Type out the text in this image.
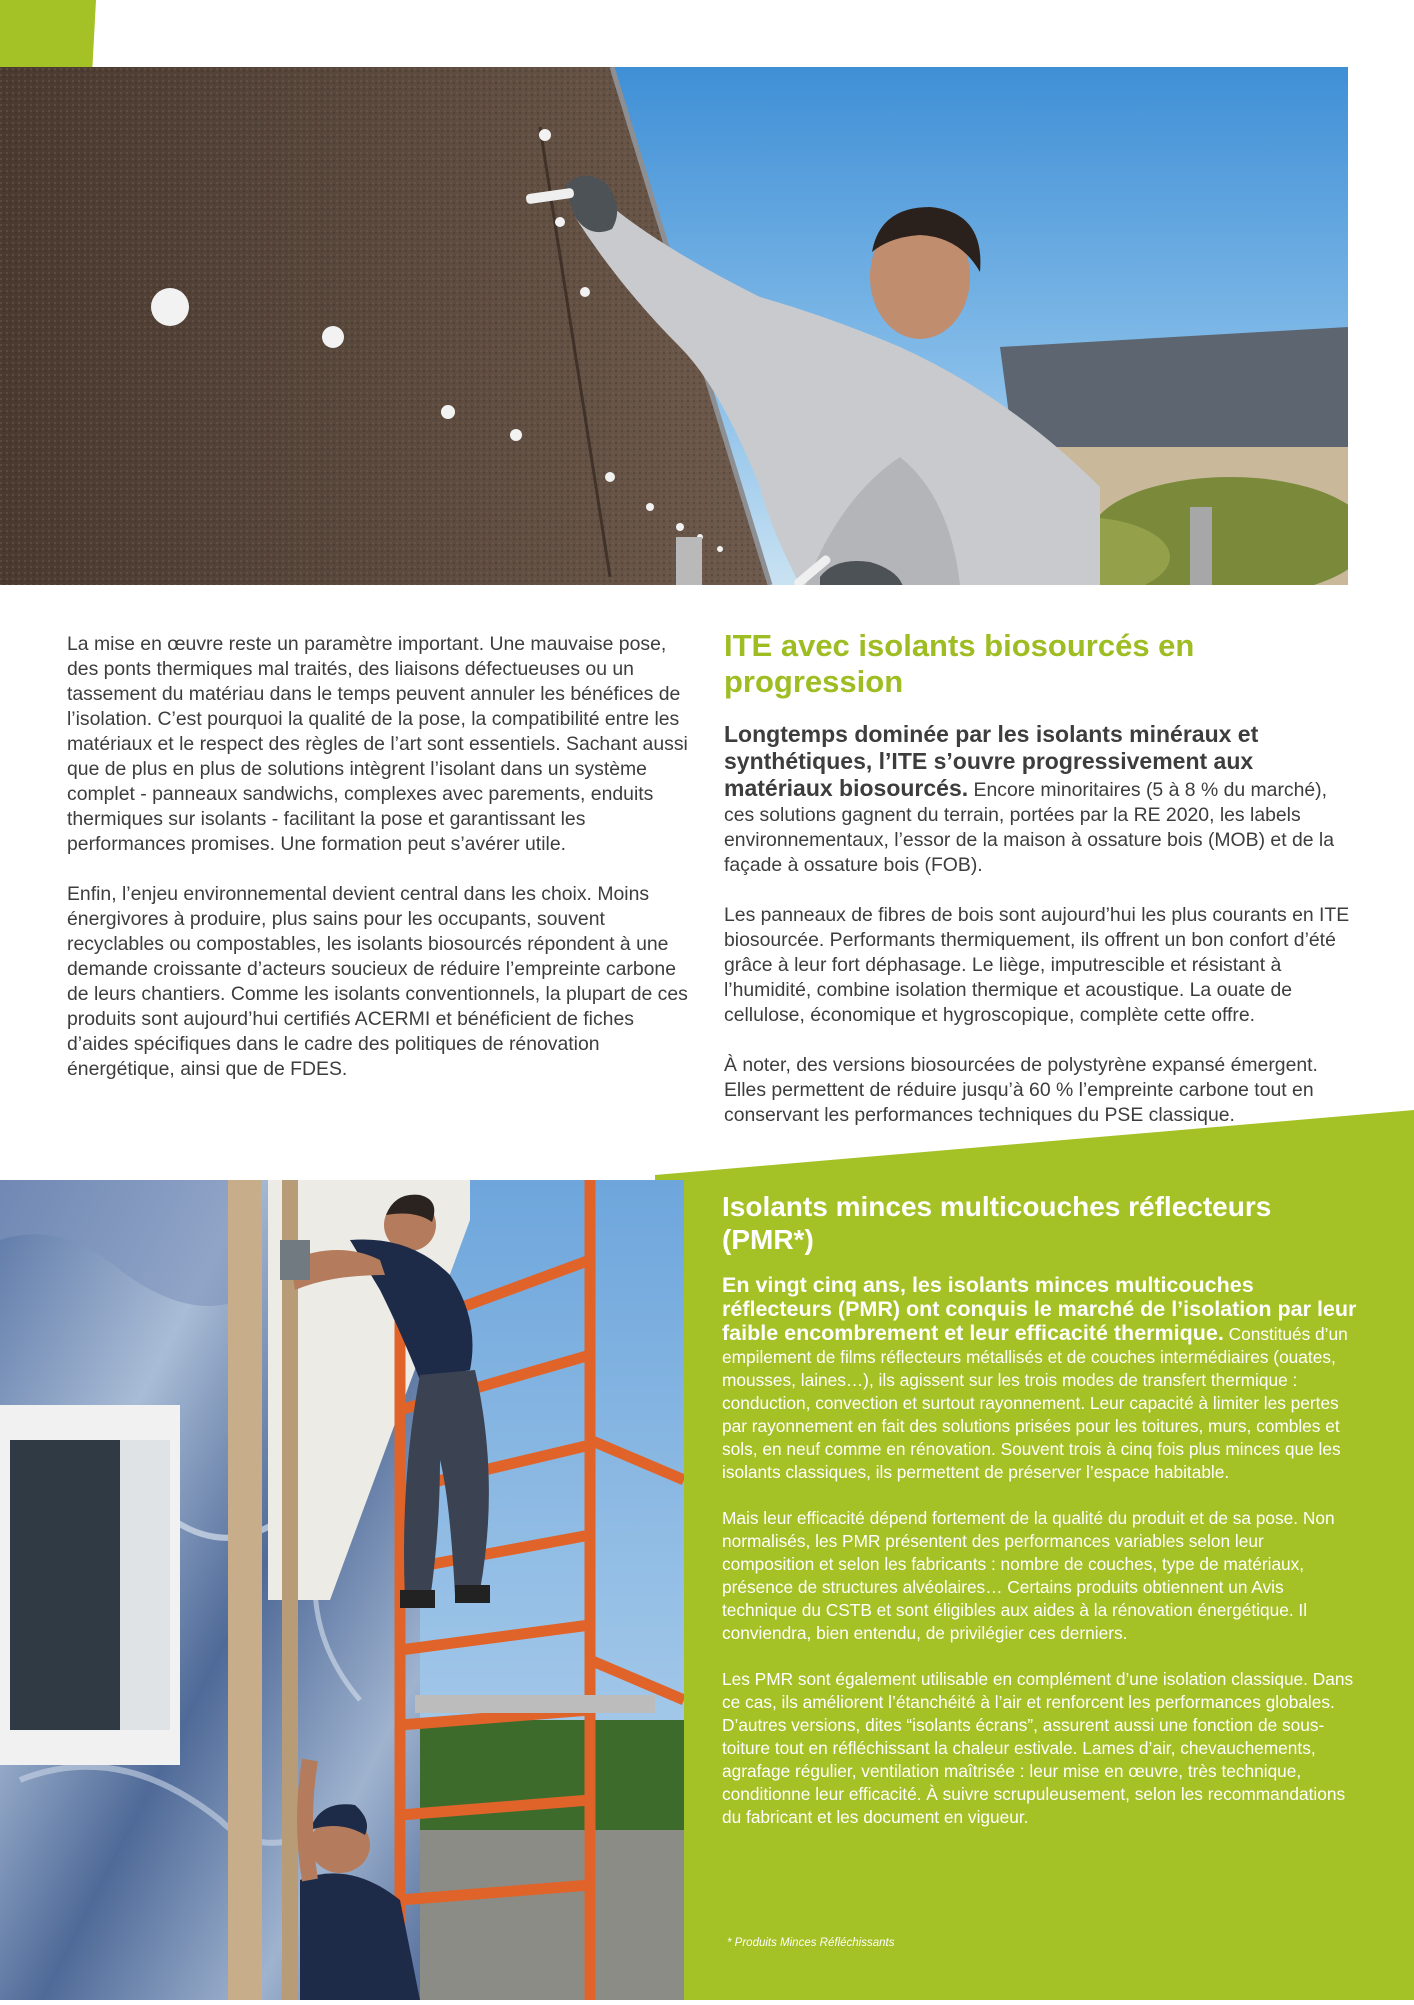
La mise en œuvre reste un paramètre important. Une mauvaise pose, des ponts thermiques mal traités, des liaisons défectueuses ou un tassement du matériau dans le temps peuvent annuler les bénéfices de l’isolation. C’est pourquoi la qualité de la pose, la compatibilité entre les matériaux et le respect des règles de l’art sont essentiels. Sachant aussi que de plus en plus de solutions intègrent l’isolant dans un système complet - panneaux sandwichs, complexes avec parements, enduits thermiques sur isolants - facilitant la pose et garantissant les performances promises. Une formation peut s’avérer utile.

Enfin, l’enjeu environnemental devient central dans les choix. Moins énergivores à produire, plus sains pour les occupants, souvent recyclables ou compostables, les isolants biosourcés répondent à une demande croissante d’acteurs soucieux de réduire l’empreinte carbone de leurs chantiers. Comme les isolants conventionnels, la plupart de ces produits sont aujourd’hui certifiés ACERMI et bénéficient de fiches d’aides spécifiques dans le cadre des politiques de rénovation énergétique, ainsi que de FDES.

ITE avec isolants biosourcés en progression

Longtemps dominée par les isolants minéraux et synthétiques, l’ITE s’ouvre progressivement aux matériaux biosourcés. Encore minoritaires (5 à 8 % du marché), ces solutions gagnent du terrain, portées par la RE 2020, les labels environnementaux, l’essor de la maison à ossature bois (MOB) et de la façade à ossature bois (FOB).

Les panneaux de fibres de bois sont aujourd’hui les plus courants en ITE biosourcée. Performants thermiquement, ils offrent un bon confort d’été grâce à leur fort déphasage. Le liège, imputrescible et résistant à l’humidité, combine isolation thermique et acoustique. La ouate de cellulose, économique et hygroscopique, complète cette offre.

À noter, des versions biosourcées de polystyrène expansé émergent. Elles permettent de réduire jusqu’à 60 % l’empreinte carbone tout en conservant les performances techniques du PSE classique.

Isolants minces multicouches réflecteurs (PMR*)

En vingt cinq ans, les isolants minces multicouches réflecteurs (PMR) ont conquis le marché de l’isolation par leur faible encombrement et leur efficacité thermique. Constitués d’un empilement de films réflecteurs métallisés et de couches intermédiaires (ouates, mousses, laines…), ils agissent sur les trois modes de transfert thermique : conduction, convection et surtout rayonnement. Leur capacité à limiter les pertes par rayonnement en fait des solutions prisées pour les toitures, murs, combles et sols, en neuf comme en rénovation. Souvent trois à cinq fois plus minces que les isolants classiques, ils permettent de préserver l’espace habitable.

Mais leur efficacité dépend fortement de la qualité du produit et de sa pose. Non normalisés, les PMR présentent des performances variables selon leur composition et selon les fabricants : nombre de couches, type de matériaux, présence de structures alvéolaires… Certains produits obtiennent un Avis technique du CSTB et sont éligibles aux aides à la rénovation énergétique. Il conviendra, bien entendu, de privilégier ces derniers.

Les PMR sont également utilisable en complément d’une isolation classique. Dans ce cas, ils améliorent l’étanchéité à l’air et renforcent les performances globales. D’autres versions, dites “isolants écrans”, assurent aussi une fonction de sous-toiture tout en réfléchissant la chaleur estivale. Lames d’air, chevauchements, agrafage régulier, ventilation maîtrisée : leur mise en œuvre, très technique, conditionne leur efficacité. À suivre scrupuleusement, selon les recommandations du fabricant et les document en vigueur.

* Produits Minces Réfléchissants
